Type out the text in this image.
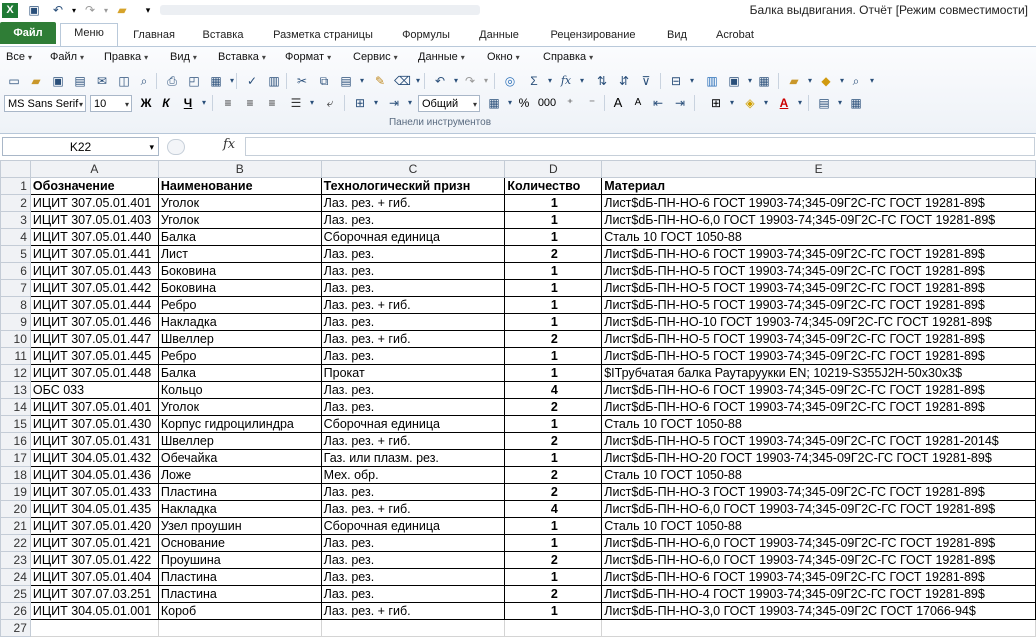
X	▣ ↶	▾ ↷	▾ ▰	▾	Балка выдвигания. Отчёт [Режим совместимости]
Файл	Меню	Главная	Вставка	Разметка страницы	Формулы	Данные	Рецензирование	Вид	Acrobat
Все ▾ Файл ▾ Правка ▾ Вид ▾ Вставка ▾ Формат ▾ Сервис ▾ Данные ▾ Окно ▾ Справка ▾
▭ ▰ ▣ ▤ ✉ ◫ ⌕	⎙ ◰ ▦	▾	✓ ▥ ✂	⧉	▤	▾ ✎ ⌫ ▾	↶	▾ ↷	▾	◎	Σ	▾ fx	▾	⇅ ⇵ ⊽	⊟	▾	▥ ▣	▾ ▦ ▰	▾ ◆	▾ ⌕	▾
MS Sans Serif ▾	10 ▾ Ж К	Ч	▾	≡	≡	≡	☰	▾	⤶	⊞	▾ ⇥	▾ Общий ▾ ▦	▾ % 000 ⁺	⁻	A	A ⇤ ⇥ ⊞	▾ ◈	▾ A	▾	▤	▾ ▦
Панели инструментов
K22	▾	fx
	A	B	C	D	E
1	Обозначение	Наименование	Технологический призн	Количество	Материал
2	ИЦИТ 307.05.01.401	Уголок	Лаз. рез. + гиб.	1	Лист$dБ-ПН-НО-6 ГОСТ 19903-74;345-09Г2С-ГС ГОСТ 19281-89$
3	ИЦИТ 307.05.01.403	Уголок	Лаз. рез.	1	Лист$dБ-ПН-НО-6,0 ГОСТ 19903-74;345-09Г2С-ГС ГОСТ 19281-89$
4	ИЦИТ 307.05.01.440	Балка	Сборочная единица	1	Сталь 10 ГОСТ 1050-88
5	ИЦИТ 307.05.01.441	Лист	Лаз. рез.	2	Лист$dБ-ПН-НО-6 ГОСТ 19903-74;345-09Г2С-ГС ГОСТ 19281-89$
6	ИЦИТ 307.05.01.443	Боковина	Лаз. рез.	1	Лист$dБ-ПН-НО-5 ГОСТ 19903-74;345-09Г2С-ГС ГОСТ 19281-89$
7	ИЦИТ 307.05.01.442	Боковина	Лаз. рез.	1	Лист$dБ-ПН-НО-5 ГОСТ 19903-74;345-09Г2С-ГС ГОСТ 19281-89$
8	ИЦИТ 307.05.01.444	Ребро	Лаз. рез. + гиб.	1	Лист$dБ-ПН-НО-5 ГОСТ 19903-74;345-09Г2С-ГС ГОСТ 19281-89$
9	ИЦИТ 307.05.01.446	Накладка	Лаз. рез.	1	Лист$dБ-ПН-НО-10 ГОСТ 19903-74;345-09Г2С-ГС ГОСТ 19281-89$
10	ИЦИТ 307.05.01.447	Швеллер	Лаз. рез. + гиб.	2	Лист$dБ-ПН-НО-5 ГОСТ 19903-74;345-09Г2С-ГС ГОСТ 19281-89$
11	ИЦИТ 307.05.01.445	Ребро	Лаз. рез.	1	Лист$dБ-ПН-НО-5 ГОСТ 19903-74;345-09Г2С-ГС ГОСТ 19281-89$
12	ИЦИТ 307.05.01.448	Балка	Прокат	1	$IТрубчатая балка Раутаруукки EN; 10219-S355J2H-50x30x3$
13	ОБС 033	Кольцо	Лаз. рез.	4	Лист$dБ-ПН-НО-6 ГОСТ 19903-74;345-09Г2С-ГС ГОСТ 19281-89$
14	ИЦИТ 307.05.01.401	Уголок	Лаз. рез.	2	Лист$dБ-ПН-НО-6 ГОСТ 19903-74;345-09Г2С-ГС ГОСТ 19281-89$
15	ИЦИТ 307.05.01.430	Корпус гидроцилиндра	Сборочная единица	1	Сталь 10 ГОСТ 1050-88
16	ИЦИТ 307.05.01.431	Швеллер	Лаз. рез. + гиб.	2	Лист$dБ-ПН-НО-5 ГОСТ 19903-74;345-09Г2С-ГС ГОСТ 19281-2014$
17	ИЦИТ 304.05.01.432	Обечайка	Газ. или плазм. рез.	1	Лист$dБ-ПН-НО-20 ГОСТ 19903-74;345-09Г2С-ГС ГОСТ 19281-89$
18	ИЦИТ 304.05.01.436	Ложе	Мех. обр.	2	Сталь 10 ГОСТ 1050-88
19	ИЦИТ 307.05.01.433	Пластина	Лаз. рез.	2	Лист$dБ-ПН-НО-3 ГОСТ 19903-74;345-09Г2С-ГС ГОСТ 19281-89$
20	ИЦИТ 304.05.01.435	Накладка	Лаз. рез. + гиб.	4	Лист$dБ-ПН-НО-6,0 ГОСТ 19903-74;345-09Г2С-ГС ГОСТ 19281-89$
21	ИЦИТ 307.05.01.420	Узел проушин	Сборочная единица	1	Сталь 10 ГОСТ 1050-88
22	ИЦИТ 307.05.01.421	Основание	Лаз. рез.	1	Лист$dБ-ПН-НО-6,0 ГОСТ 19903-74;345-09Г2С-ГС ГОСТ 19281-89$
23	ИЦИТ 307.05.01.422	Проушина	Лаз. рез.	2	Лист$dБ-ПН-НО-6,0 ГОСТ 19903-74;345-09Г2С-ГС ГОСТ 19281-89$
24	ИЦИТ 307.05.01.404	Пластина	Лаз. рез.	1	Лист$dБ-ПН-НО-6 ГОСТ 19903-74;345-09Г2С-ГС ГОСТ 19281-89$
25	ИЦИТ 307.07.03.251	Пластина	Лаз. рез.	2	Лист$dБ-ПН-НО-4 ГОСТ 19903-74;345-09Г2С-ГС ГОСТ 19281-89$
26	ИЦИТ 304.05.01.001	Короб	Лаз. рез. + гиб.	1	Лист$dБ-ПН-НО-3,0 ГОСТ 19903-74;345-09Г2С ГОСТ 17066-94$
27					
